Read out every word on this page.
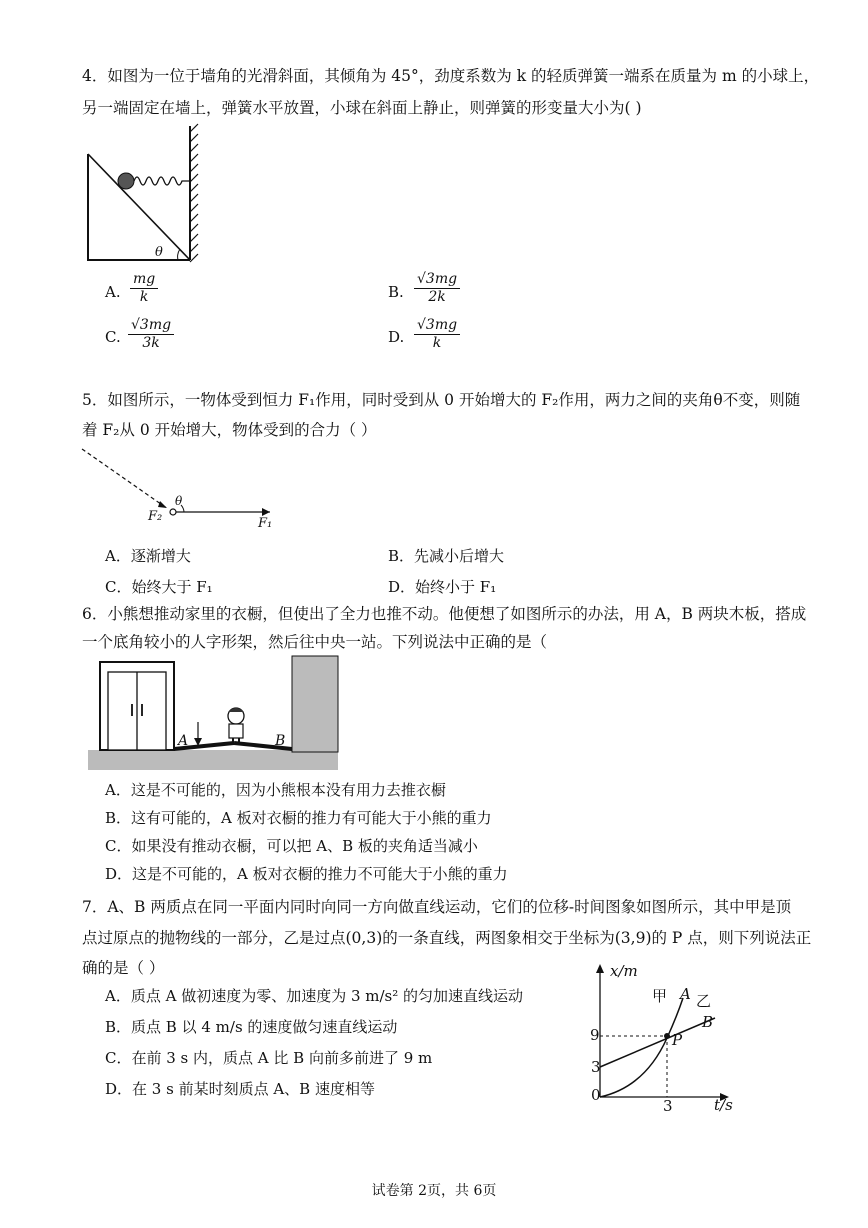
4．如图为一位于墙角的光滑斜面，其倾角为 45°，劲度系数为 k 的轻质弹簧一端系在质量为 m 的小球上，
另一端固定在墙上，弹簧水平放置，小球在斜面上静止，则弹簧的形变量大小为( )
θ
A. $\frac{mg}{k}$	B. $\frac{√3mg}{2k}$
C. $\frac{√3mg}{3k}$	D. $\frac{√3mg}{k}$
5．如图所示，一物体受到恒力 F₁作用，同时受到从 0 开始增大的 F₂作用，两力之间的夹角θ不变，则随
着 F₂从 0 开始增大，物体受到的合力（ ）
F₂	F₁
θ
A．逐渐增大	B．先减小后增大
C．始终大于 F₁	D．始终小于 F₁
6．小熊想推动家里的衣橱，但使出了全力也推不动。他便想了如图所示的办法，用 A，B 两块木板，搭成
一个底角较小的人字形架，然后往中央一站。下列说法中正确的是（
A	B
A．这是不可能的，因为小熊根本没有用力去推衣橱
B．这有可能的，A 板对衣橱的推力有可能大于小熊的重力
C．如果没有推动衣橱，可以把 A、B 板的夹角适当减小
D．这是不可能的，A 板对衣橱的推力不可能大于小熊的重力
7．A、B 两质点在同一平面内同时向同一方向做直线运动，它们的位移-时间图象如图所示，其中甲是顶
点过原点的抛物线的一部分，乙是过点(0,3)的一条直线，两图象相交于坐标为(3,9)的 P 点，则下列说法正
确的是（ ）
A．质点 A 做初速度为零、加速度为 3 m/s² 的匀加速直线运动
B．质点 B 以 4 m/s 的速度做匀速直线运动
C．在前 3 s 内，质点 A 比 B 向前多前进了 9 m
D．在 3 s 前某时刻质点 A、B 速度相等
x/m
t/s
甲 A 乙
B
P
9
3
0
3
试卷第 2页，共 6页
